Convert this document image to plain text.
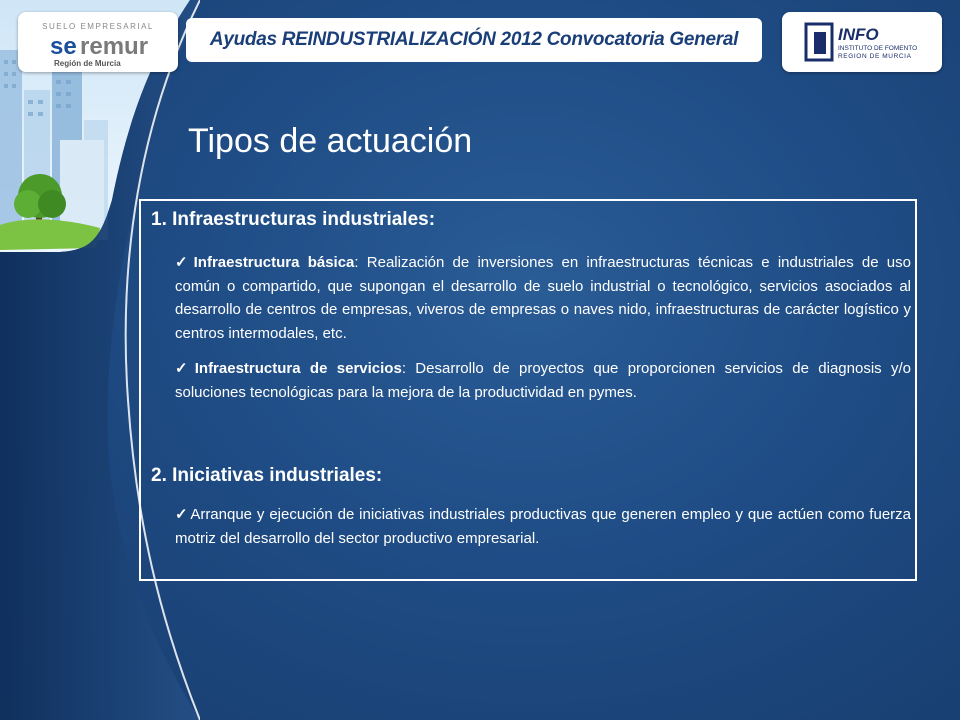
SUELO EMPRESARIAL
se remur
Región de Murcia
Ayudas REINDUSTRIALIZACIÓN 2012 Convocatoria General	INFO
INSTITUTO DE FOMENTO
REGION DE MURCIA
Tipos de actuación
1. Infraestructuras industriales:
✓ Infraestructura básica: Realización de inversiones en infraestructuras técnicas e industriales de uso común o compartido, que supongan el desarrollo de suelo industrial o tecnológico, servicios asociados al desarrollo de centros de empresas, viveros de empresas o naves nido, infraestructuras de carácter logístico y centros intermodales, etc.
✓ Infraestructura de servicios: Desarrollo de proyectos que proporcionen servicios de diagnosis y/o soluciones tecnológicas para la mejora de la productividad en pymes.
2. Iniciativas industriales:
✓ Arranque y ejecución de iniciativas industriales productivas que generen empleo y que actúen como fuerza motriz del desarrollo del sector productivo empresarial.
